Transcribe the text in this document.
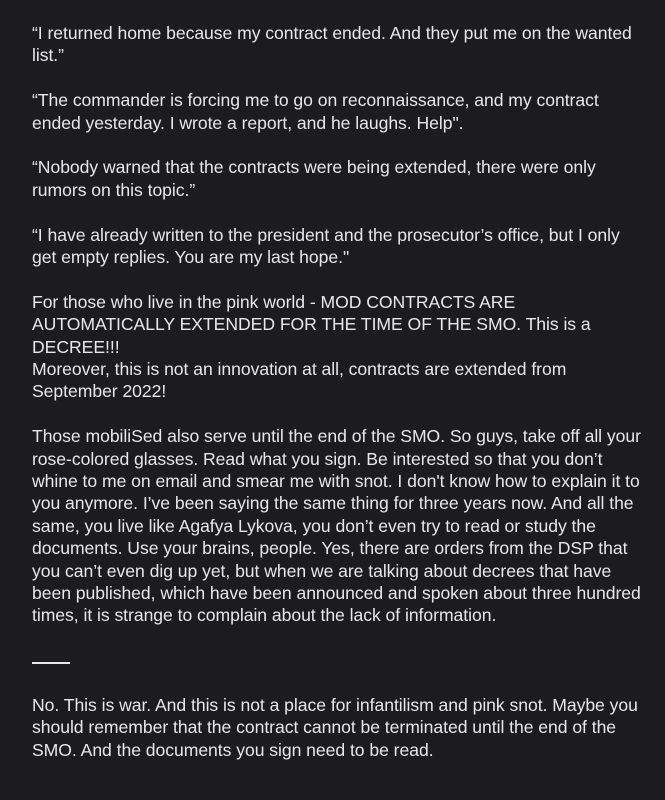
“I returned home because my contract ended. And they put me on the wanted list.”

“The commander is forcing me to go on reconnaissance, and my contract ended yesterday. I wrote a report, and he laughs. Help".

“Nobody warned that the contracts were being extended, there were only rumors on this topic.”

“I have already written to the president and the prosecutor’s office, but I only get empty replies. You are my last hope."

For those who live in the pink world - MOD CONTRACTS ARE AUTOMATICALLY EXTENDED FOR THE TIME OF THE SMO. This is a DECREE!!!
Moreover, this is not an innovation at all, contracts are extended from September 2022!

Those mobiliSed also serve until the end of the SMO. So guys, take off all your rose-colored glasses. Read what you sign. Be interested so that you don’t whine to me on email and smear me with snot. I don't know how to explain it to you anymore. I’ve been saying the same thing for three years now. And all the same, you live like Agafya Lykova, you don’t even try to read or study the documents. Use your brains, people. Yes, there are orders from the DSP that you can’t even dig up yet, but when we are talking about decrees that have been published, which have been announced and spoken about three hundred times, it is strange to complain about the lack of information.

No. This is war. And this is not a place for infantilism and pink snot. Maybe you should remember that the contract cannot be terminated until the end of the SMO. And the documents you sign need to be read.
